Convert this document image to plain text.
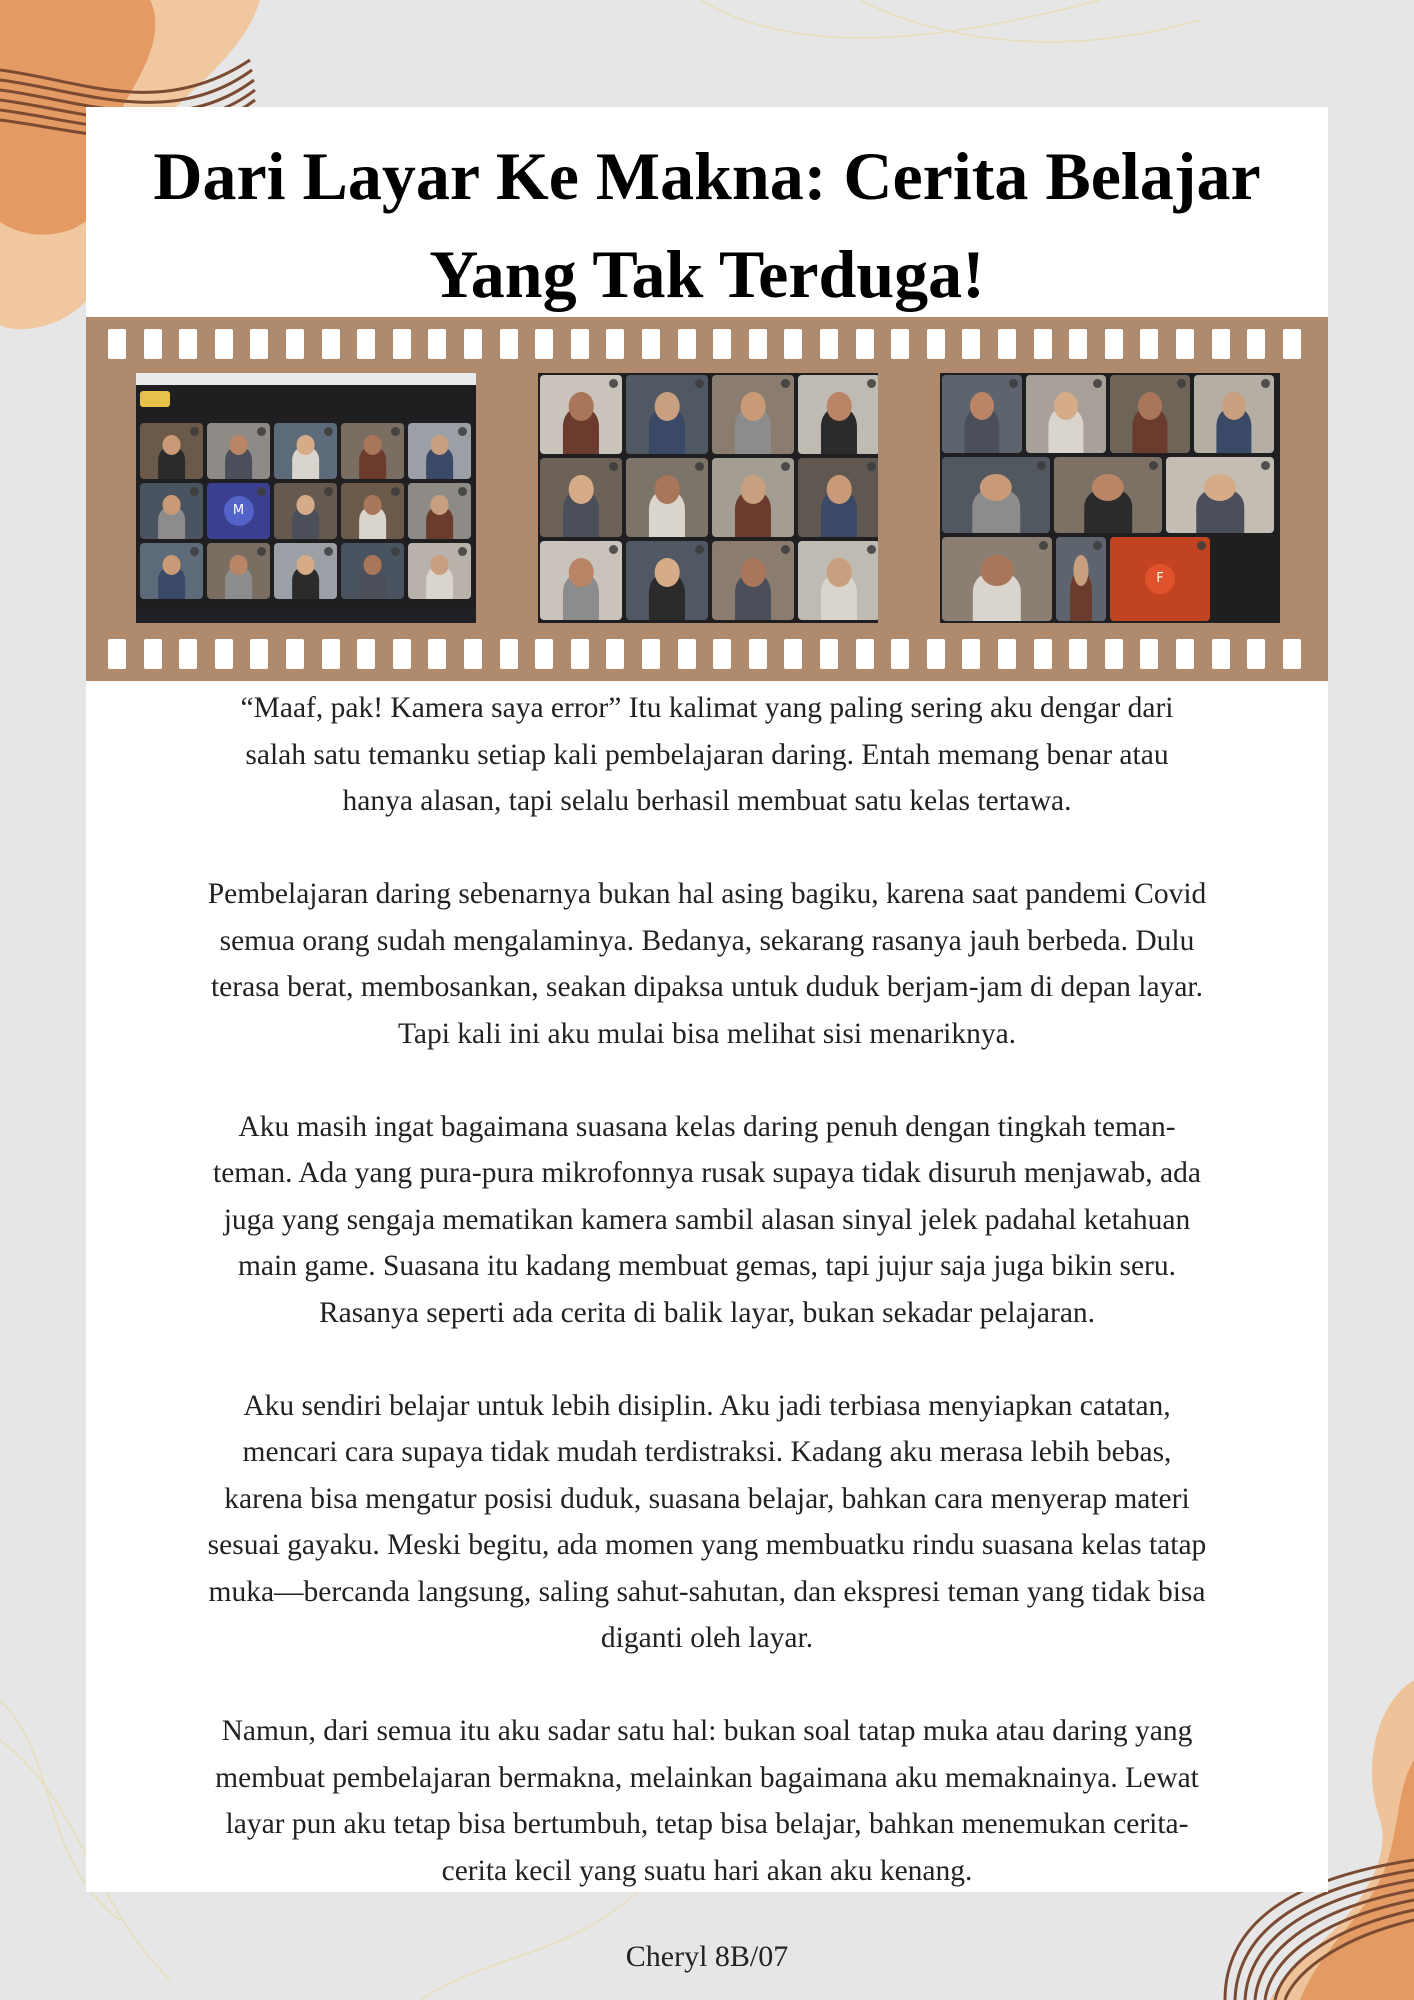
Dari Layar Ke Makna: Cerita Belajar
Yang Tak Terduga!
M
F

“Maaf, pak! Kamera saya error” Itu kalimat yang paling sering aku dengar dari
salah satu temanku setiap kali pembelajaran daring. Entah memang benar atau
hanya alasan, tapi selalu berhasil membuat satu kelas tertawa.

Pembelajaran daring sebenarnya bukan hal asing bagiku, karena saat pandemi Covid
semua orang sudah mengalaminya. Bedanya, sekarang rasanya jauh berbeda. Dulu
terasa berat, membosankan, seakan dipaksa untuk duduk berjam-jam di depan layar.
Tapi kali ini aku mulai bisa melihat sisi menariknya.

Aku masih ingat bagaimana suasana kelas daring penuh dengan tingkah teman-
teman. Ada yang pura-pura mikrofonnya rusak supaya tidak disuruh menjawab, ada
juga yang sengaja mematikan kamera sambil alasan sinyal jelek padahal ketahuan
main game. Suasana itu kadang membuat gemas, tapi jujur saja juga bikin seru.
Rasanya seperti ada cerita di balik layar, bukan sekadar pelajaran.

Aku sendiri belajar untuk lebih disiplin. Aku jadi terbiasa menyiapkan catatan,
mencari cara supaya tidak mudah terdistraksi. Kadang aku merasa lebih bebas,
karena bisa mengatur posisi duduk, suasana belajar, bahkan cara menyerap materi
sesuai gayaku. Meski begitu, ada momen yang membuatku rindu suasana kelas tatap
muka—bercanda langsung, saling sahut-sahutan, dan ekspresi teman yang tidak bisa
diganti oleh layar.

Namun, dari semua itu aku sadar satu hal: bukan soal tatap muka atau daring yang
membuat pembelajaran bermakna, melainkan bagaimana aku memaknainya. Lewat
layar pun aku tetap bisa bertumbuh, tetap bisa belajar, bahkan menemukan cerita-
cerita kecil yang suatu hari akan aku kenang.

Cheryl 8B/07
